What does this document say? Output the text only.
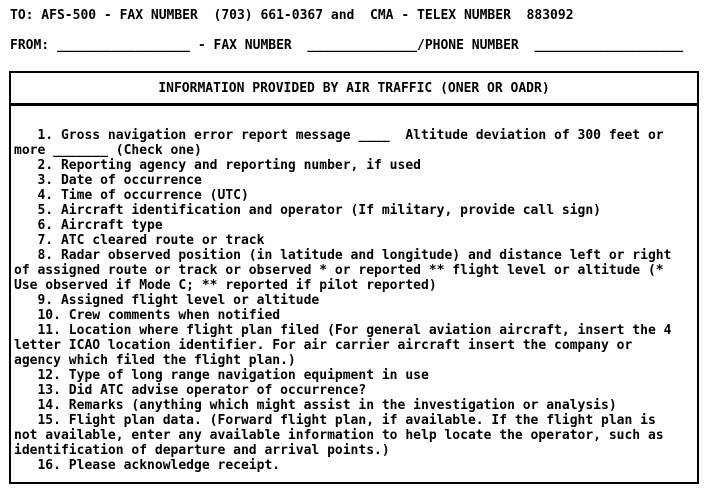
TO: AFS-500 - FAX NUMBER  (703) 661-0367 and  CMA - TELEX NUMBER  883092
FROM: _________________ - FAX NUMBER  ______________/PHONE NUMBER  ___________________
INFORMATION PROVIDED BY AIR TRAFFIC (ONER OR OADR)
1. Gross navigation error report message ____  Altitude deviation of 300 feet or
more _______ (Check one)
2. Reporting agency and reporting number, if used
3. Date of occurrence
4. Time of occurrence (UTC)
5. Aircraft identification and operator (If military, provide call sign)
6. Aircraft type
7. ATC cleared route or track
8. Radar observed position (in latitude and longitude) and distance left or right
of assigned route or track or observed * or reported ** flight level or altitude (*
Use observed if Mode C; ** reported if pilot reported)
9. Assigned flight level or altitude
10. Crew comments when notified
11. Location where flight plan filed (For general aviation aircraft, insert the 4
letter ICAO location identifier. For air carrier aircraft insert the company or
agency which filed the flight plan.)
12. Type of long range navigation equipment in use
13. Did ATC advise operator of occurrence?
14. Remarks (anything which might assist in the investigation or analysis)
15. Flight plan data. (Forward flight plan, if available. If the flight plan is
not available, enter any available information to help locate the operator, such as
identification of departure and arrival points.)
16. Please acknowledge receipt.
